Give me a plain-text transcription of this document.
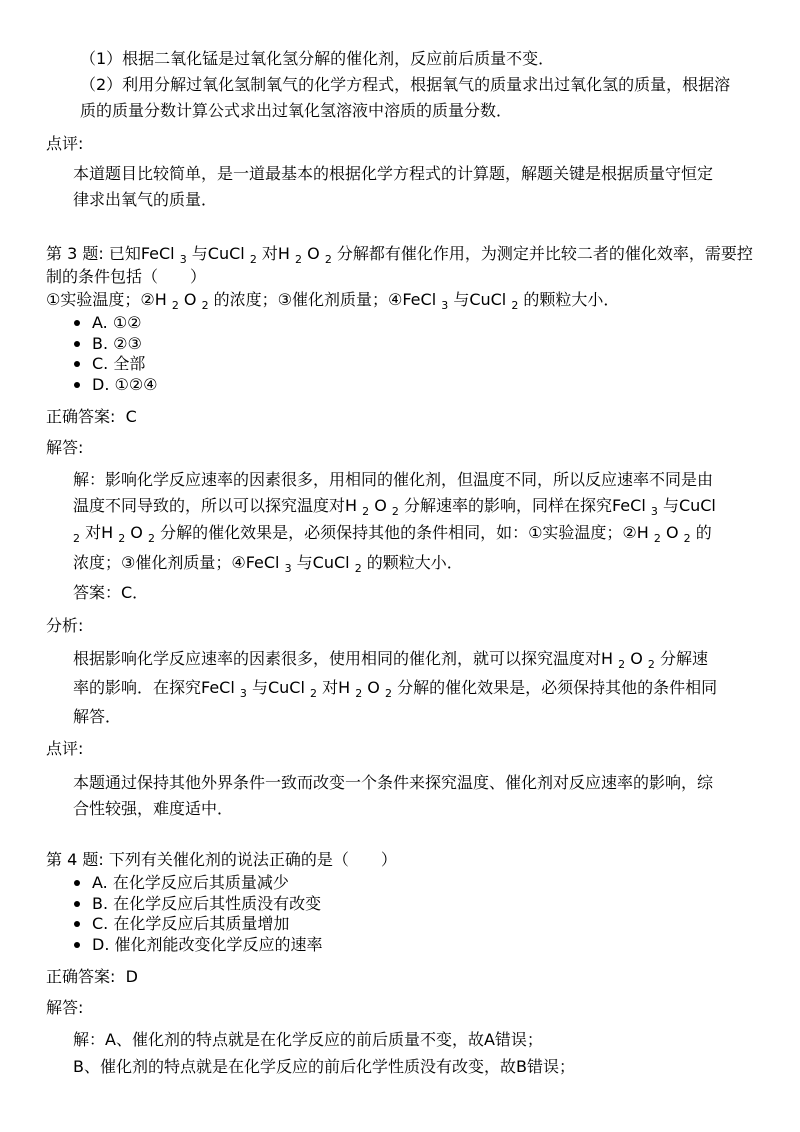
（1）根据二氧化锰是过氧化氢分解的催化剂，反应前后质量不变．
（2）利用分解过氧化氢制氧气的化学方程式，根据氧气的质量求出过氧化氢的质量，根据溶
质的质量分数计算公式求出过氧化氢溶液中溶质的质量分数．
点评:
本道题目比较简单，是一道最基本的根据化学方程式的计算题，解题关键是根据质量守恒定
律求出氧气的质量．
第 3 题: 已知FeCl $_3$ 与CuCl $_2$ 对H $_2$ O $_2$ 分解都有催化作用，为测定并比较二者的催化效率，需要控
制的条件包括（　　）
①实验温度；②H $_2$ O $_2$ 的浓度；③催化剂质量；④FeCl $_3$ 与CuCl $_2$ 的颗粒大小．
A. ①②
B. ②③
C. 全部
D. ①②④
正确答案: C
解答:
解：影响化学反应速率的因素很多，用相同的催化剂，但温度不同，所以反应速率不同是由
温度不同导致的，所以可以探究温度对H $_2$ O $_2$ 分解速率的影响，同样在探究FeCl $_3$ 与CuCl
$_2$ 对H $_2$ O $_2$ 分解的催化效果是，必须保持其他的条件相同，如：①实验温度；②H $_2$ O $_2$ 的
浓度；③催化剂质量；④FeCl $_3$ 与CuCl $_2$ 的颗粒大小．
答案：C．
分析:
根据影响化学反应速率的因素很多，使用相同的催化剂，就可以探究温度对H $_2$ O $_2$ 分解速
率的影响．在探究FeCl $_3$ 与CuCl $_2$ 对H $_2$ O $_2$ 分解的催化效果是，必须保持其他的条件相同
解答．
点评:
本题通过保持其他外界条件一致而改变一个条件来探究温度、催化剂对反应速率的影响，综
合性较强，难度适中．
第 4 题: 下列有关催化剂的说法正确的是（　　）
A. 在化学反应后其质量减少
B. 在化学反应后其性质没有改变
C. 在化学反应后其质量增加
D. 催化剂能改变化学反应的速率
正确答案: D
解答:
解：A、催化剂的特点就是在化学反应的前后质量不变，故A错误；
B、催化剂的特点就是在化学反应的前后化学性质没有改变，故B错误；
